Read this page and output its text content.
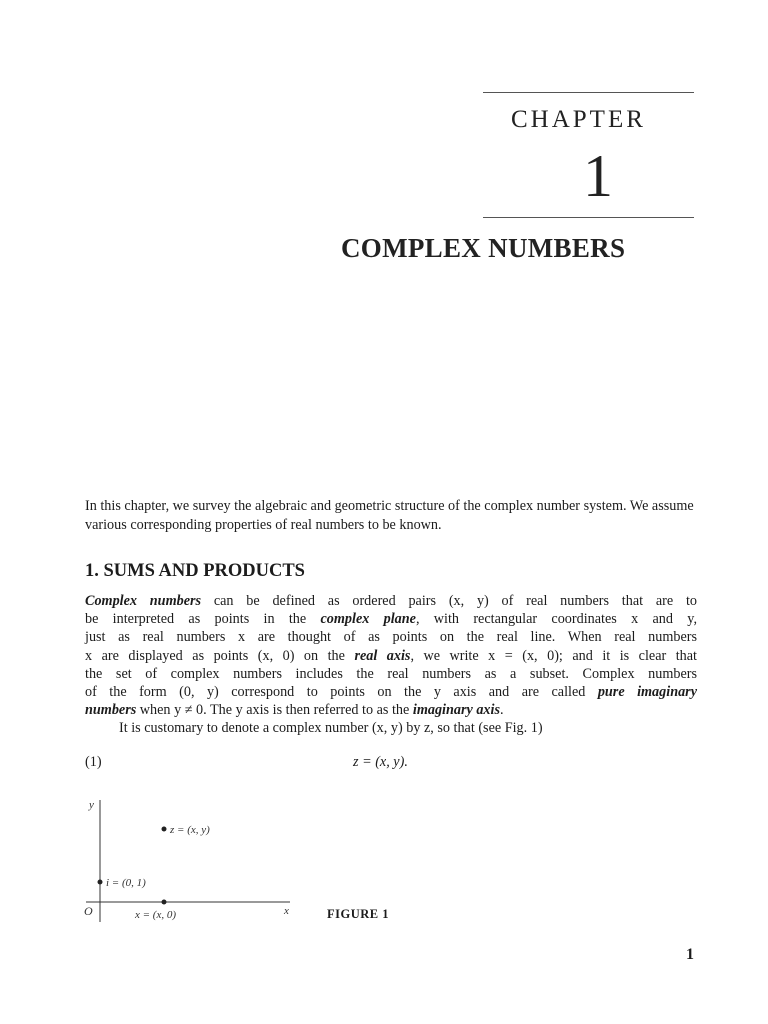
CHAPTER
1
COMPLEX NUMBERS
In this chapter, we survey the algebraic and geometric structure of the complex number system. We assume various corresponding properties of real numbers to be known.
1. SUMS AND PRODUCTS
Complex numbers can be defined as ordered pairs (x, y) of real numbers that are to
be interpreted as points in the complex plane, with rectangular coordinates x and y,
just as real numbers x are thought of as points on the real line. When real numbers
x are displayed as points (x, 0) on the real axis, we write x = (x, 0); and it is clear that
the set of complex numbers includes the real numbers as a subset. Complex numbers
of the form (0, y) correspond to points on the y axis and are called pure imaginary
numbers when y ≠ 0. The y axis is then referred to as the imaginary axis.
It is customary to denote a complex number (x, y) by z, so that (see Fig. 1)
(1)	z = (x, y).
y
x
O
z = (x, y)
i = (0, 1)
x = (x, 0)	FIGURE 1
1
